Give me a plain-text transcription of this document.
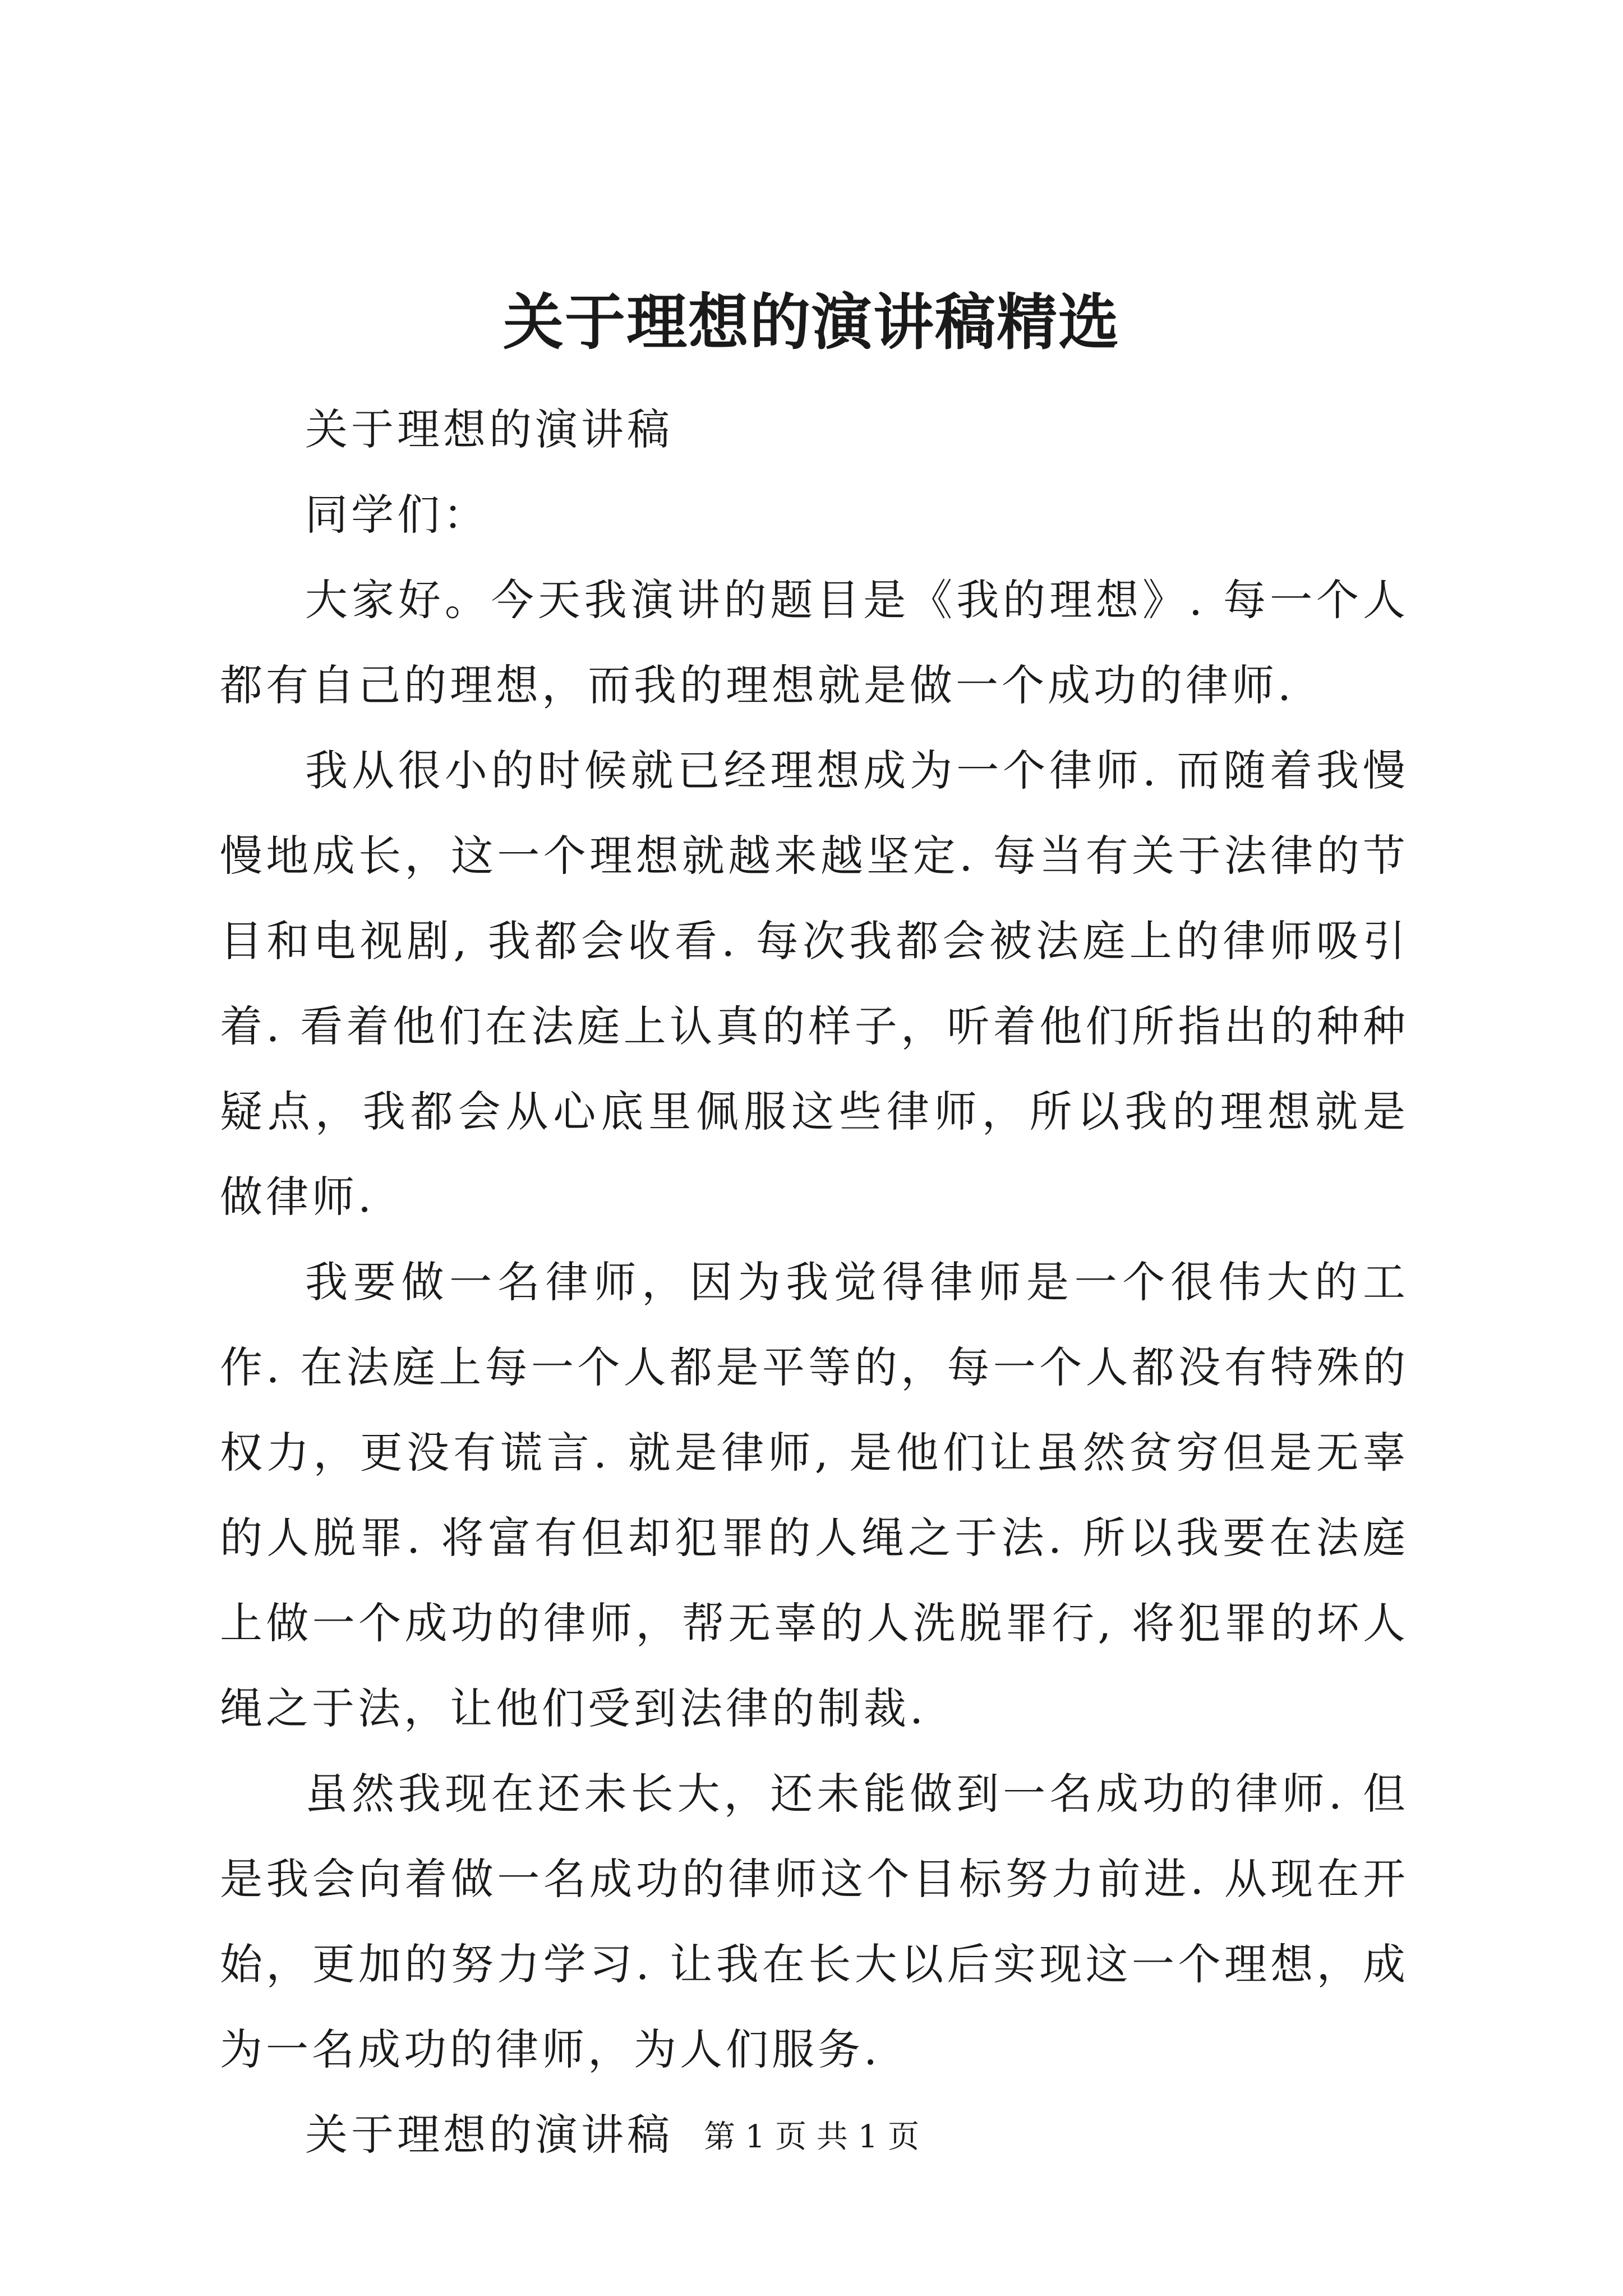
关于理想的演讲稿精选

关于理想的演讲稿

同学们：

大家好。今天我演讲的题目是《我的理想》. 每一个人都有自己的理想，而我的理想就是做一个成功的律师.

我从很小的时候就已经理想成为一个律师. 而随着我慢慢地成长，这一个理想就越来越坚定. 每当有关于法律的节目和电视剧, 我都会收看. 每次我都会被法庭上的律师吸引着. 看着他们在法庭上认真的样子，听着他们所指出的种种疑点，我都会从心底里佩服这些律师，所以我的理想就是做律师.

我要做一名律师，因为我觉得律师是一个很伟大的工作. 在法庭上每一个人都是平等的，每一个人都没有特殊的权力，更没有谎言. 就是律师, 是他们让虽然贫穷但是无辜的人脱罪. 将富有但却犯罪的人绳之于法. 所以我要在法庭上做一个成功的律师，帮无辜的人洗脱罪行, 将犯罪的坏人绳之于法，让他们受到法律的制裁.

虽然我现在还未长大，还未能做到一名成功的律师. 但是我会向着做一名成功的律师这个目标努力前进. 从现在开始，更加的努力学习. 让我在长大以后实现这一个理想，成为一名成功的律师，为人们服务.

关于理想的演讲稿 第 1 页 共 1 页
